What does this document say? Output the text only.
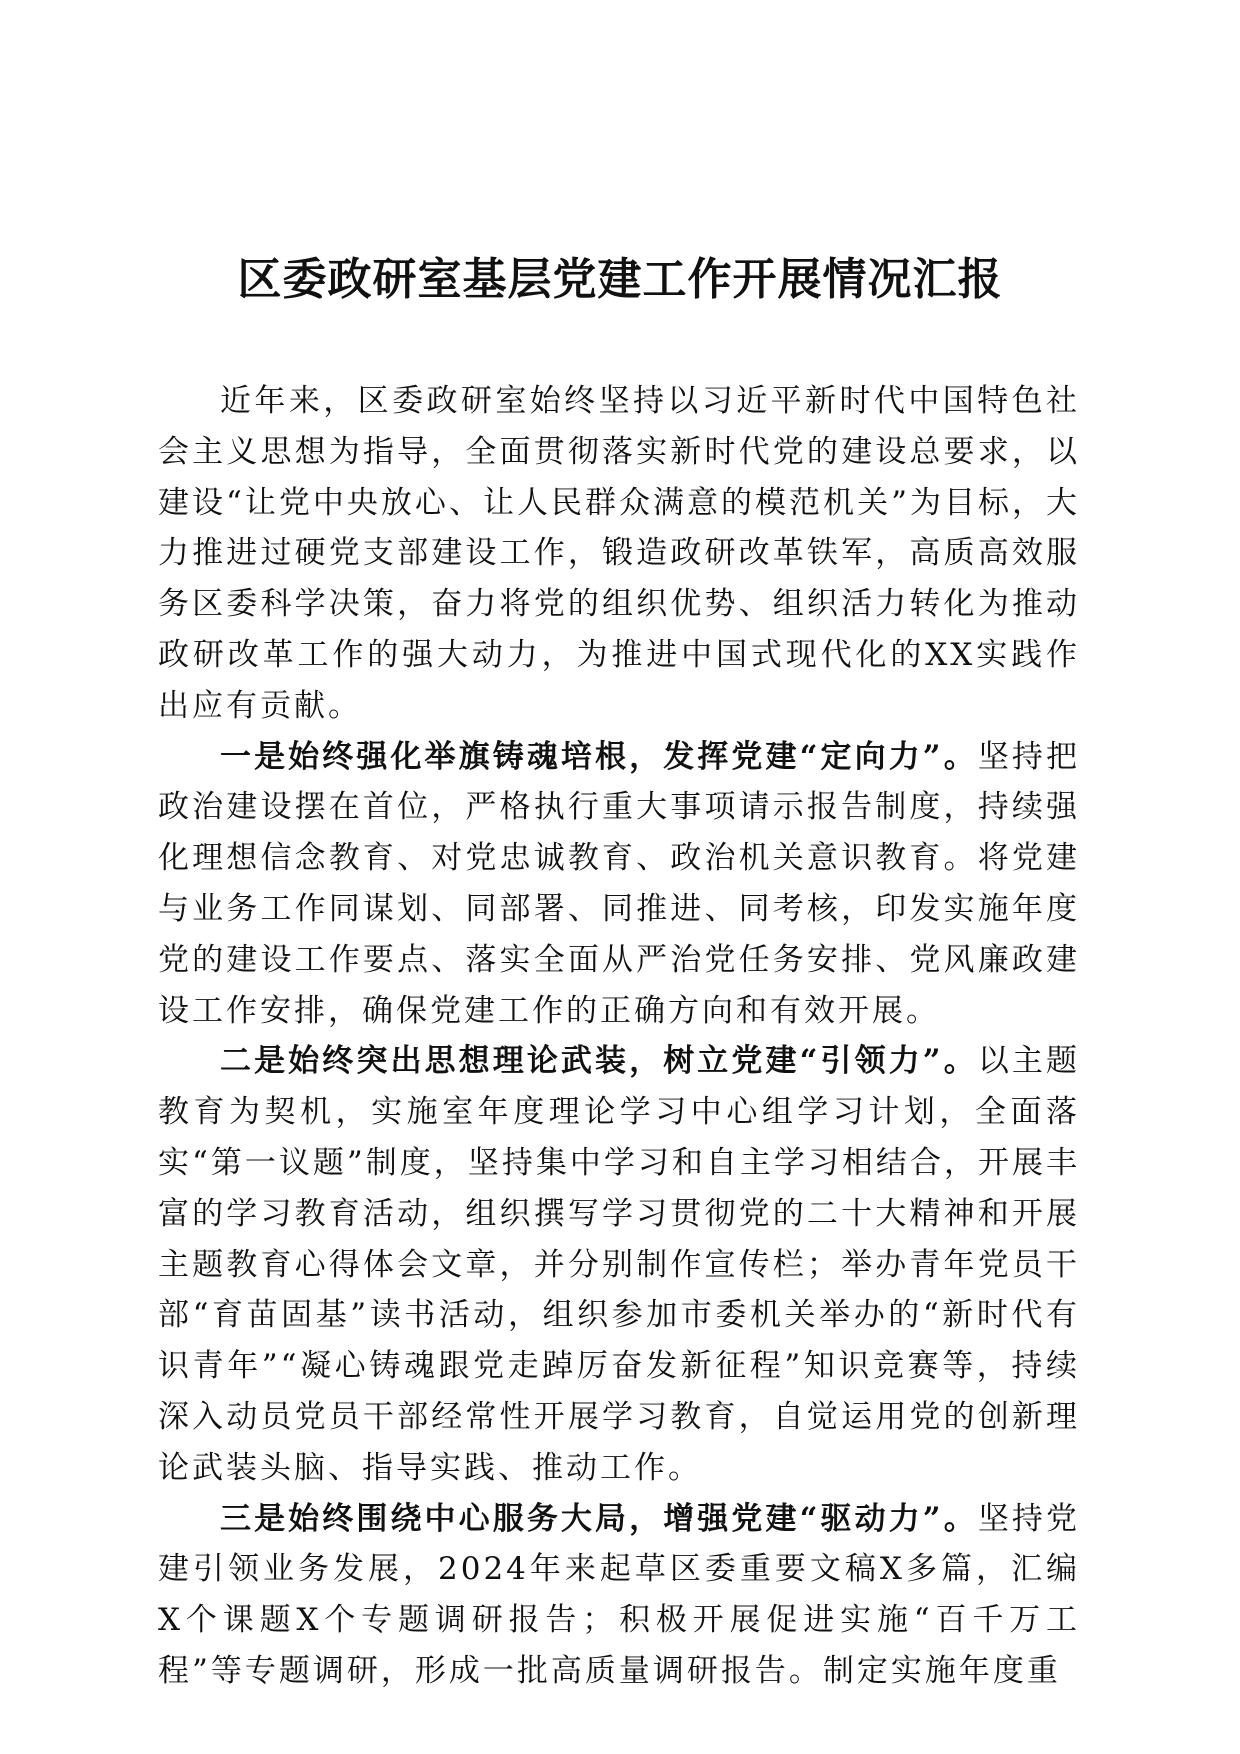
区委政研室基层党建工作开展情况汇报

近年来，区委政研室始终坚持以习近平新时代中国特色社会主义思想为指导，全面贯彻落实新时代党的建设总要求，以建设“让党中央放心、让人民群众满意的模范机关”为目标，大力推进过硬党支部建设工作，锻造政研改革铁军，高质高效服务区委科学决策，奋力将党的组织优势、组织活力转化为推动政研改革工作的强大动力，为推进中国式现代化的XX实践作出应有贡献。

一是始终强化举旗铸魂培根，发挥党建“定向力”。坚持把政治建设摆在首位，严格执行重大事项请示报告制度，持续强化理想信念教育、对党忠诚教育、政治机关意识教育。将党建与业务工作同谋划、同部署、同推进、同考核，印发实施年度党的建设工作要点、落实全面从严治党任务安排、党风廉政建设工作安排，确保党建工作的正确方向和有效开展。

二是始终突出思想理论武装，树立党建“引领力”。以主题教育为契机，实施室年度理论学习中心组学习计划，全面落实“第一议题”制度，坚持集中学习和自主学习相结合，开展丰富的学习教育活动，组织撰写学习贯彻党的二十大精神和开展主题教育心得体会文章，并分别制作宣传栏；举办青年党员干部“育苗固基”读书活动，组织参加市委机关举办的“新时代有识青年”“凝心铸魂跟党走踔厉奋发新征程”知识竞赛等，持续深入动员党员干部经常性开展学习教育，自觉运用党的创新理论武装头脑、指导实践、推动工作。

三是始终围绕中心服务大局，增强党建“驱动力”。坚持党建引领业务发展，2024年来起草区委重要文稿X多篇，汇编X个课题X个专题调研报告；积极开展促进实施“百千万工程”等专题调研，形成一批高质量调研报告。制定实施年度重
